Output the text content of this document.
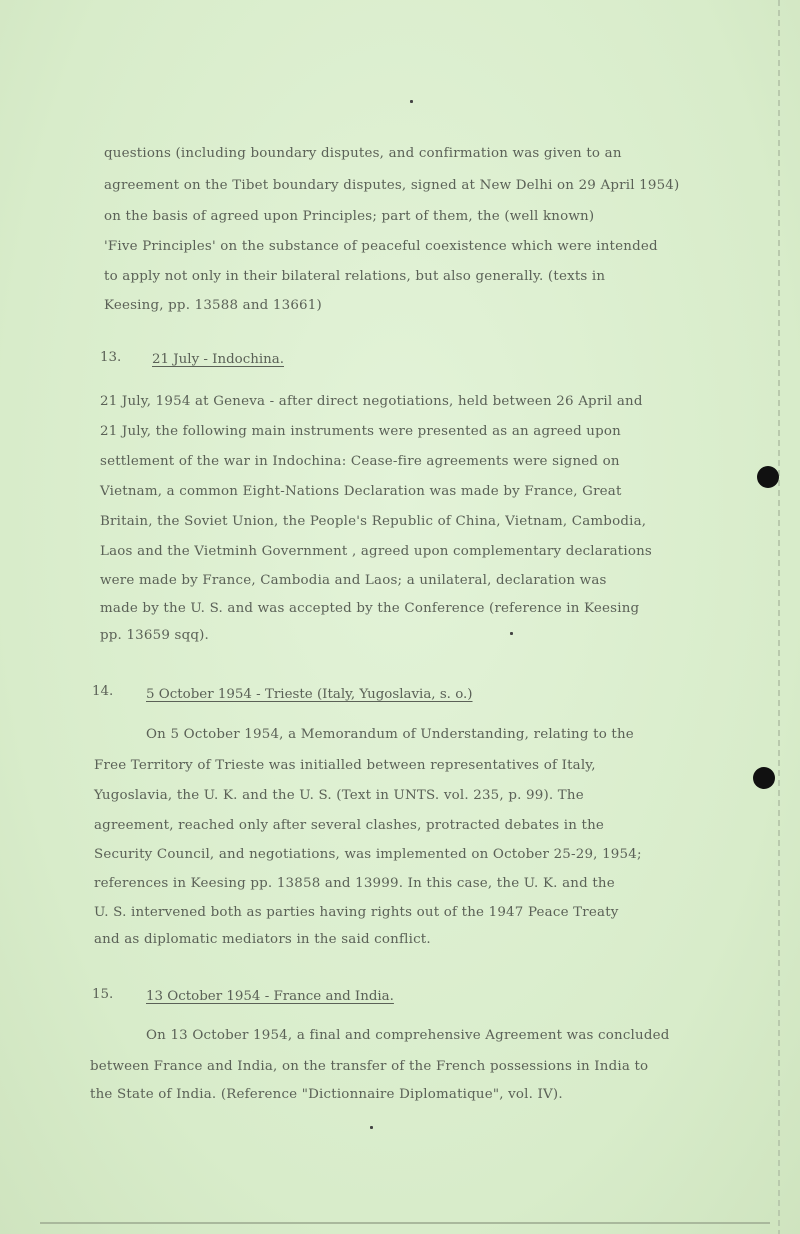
questions (including boundary disputes, and confirmation was given to an
agreement on the Tibet boundary disputes, signed at New Delhi on 29 April 1954)
on the basis of agreed upon Principles; part of them, the (well known)
'Five Principles' on the substance of peaceful coexistence which were intended
to apply not only in their bilateral relations, but also generally. (texts in
Keesing, pp. 13588 and 13661)
13. 21 July - Indochina.
21 July, 1954 at Geneva - after direct negotiations, held between 26 April and
21 July, the following main instruments were presented as an agreed upon
settlement of the war in Indochina: Cease-fire agreements were signed on
Vietnam, a common Eight-Nations Declaration was made by France, Great
Britain, the Soviet Union, the People's Republic of China, Vietnam, Cambodia,
Laos and the Vietminh Government , agreed upon complementary declarations
were made by France, Cambodia and Laos; a unilateral, declaration was
made by the U. S. and was accepted by the Conference (reference in Keesing
pp. 13659 sqq).
14. 5 October 1954 - Trieste (Italy, Yugoslavia, s. o.)
On 5 October 1954, a Memorandum of Understanding, relating to the
Free Territory of Trieste was initialled between representatives of Italy,
Yugoslavia, the U. K. and the U. S. (Text in UNTS. vol. 235, p. 99). The
agreement, reached only after several clashes, protracted debates in the
Security Council, and negotiations, was implemented on October 25-29, 1954;
references in Keesing pp. 13858 and 13999. In this case, the U. K. and the
U. S. intervened both as parties having rights out of the 1947 Peace Treaty
and as diplomatic mediators in the said conflict.
15. 13 October 1954 - France and India.
On 13 October 1954, a final and comprehensive Agreement was concluded
between France and India, on the transfer of the French possessions in India to
the State of India. (Reference "Dictionnaire Diplomatique", vol. IV).
